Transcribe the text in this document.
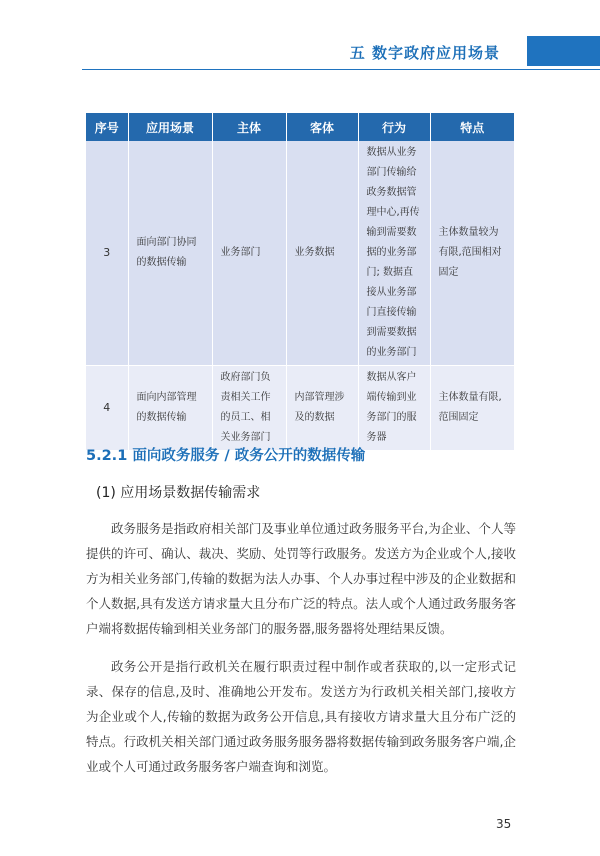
五 数字政府应用场景
序号	应用场景	主体	客体	行为	特点
3	面向部门协同的数据传输	业务部门	业务数据	数据从业务部门传输给政务数据管理中心,再传输到需要数据的业务部门; 数据直接从业务部门直接传输到需要数据的业务部门	主体数量较为有限,范围相对固定
4	面向内部管理的数据传输	政府部门负责相关工作的员工、相关业务部门	内部管理涉及的数据	数据从客户端传输到业务部门的服务器	主体数量有限,范围固定
5.2.1 面向政务服务 / 政务公开的数据传输
(1) 应用场景数据传输需求

政务服务是指政府相关部门及事业单位通过政务服务平台,为企业、个人等提供的许可、确认、裁决、奖励、处罚等行政服务。发送方为企业或个人,接收方为相关业务部门,传输的数据为法人办事、个人办事过程中涉及的企业数据和个人数据,具有发送方请求量大且分布广泛的特点。法人或个人通过政务服务客户端将数据传输到相关业务部门的服务器,服务器将处理结果反馈。

政务公开是指行政机关在履行职责过程中制作或者获取的,以一定形式记录、保存的信息,及时、准确地公开发布。发送方为行政机关相关部门,接收方为企业或个人,传输的数据为政务公开信息,具有接收方请求量大且分布广泛的特点。行政机关相关部门通过政务服务服务器将数据传输到政务服务客户端,企业或个人可通过政务服务客户端查询和浏览。

35
